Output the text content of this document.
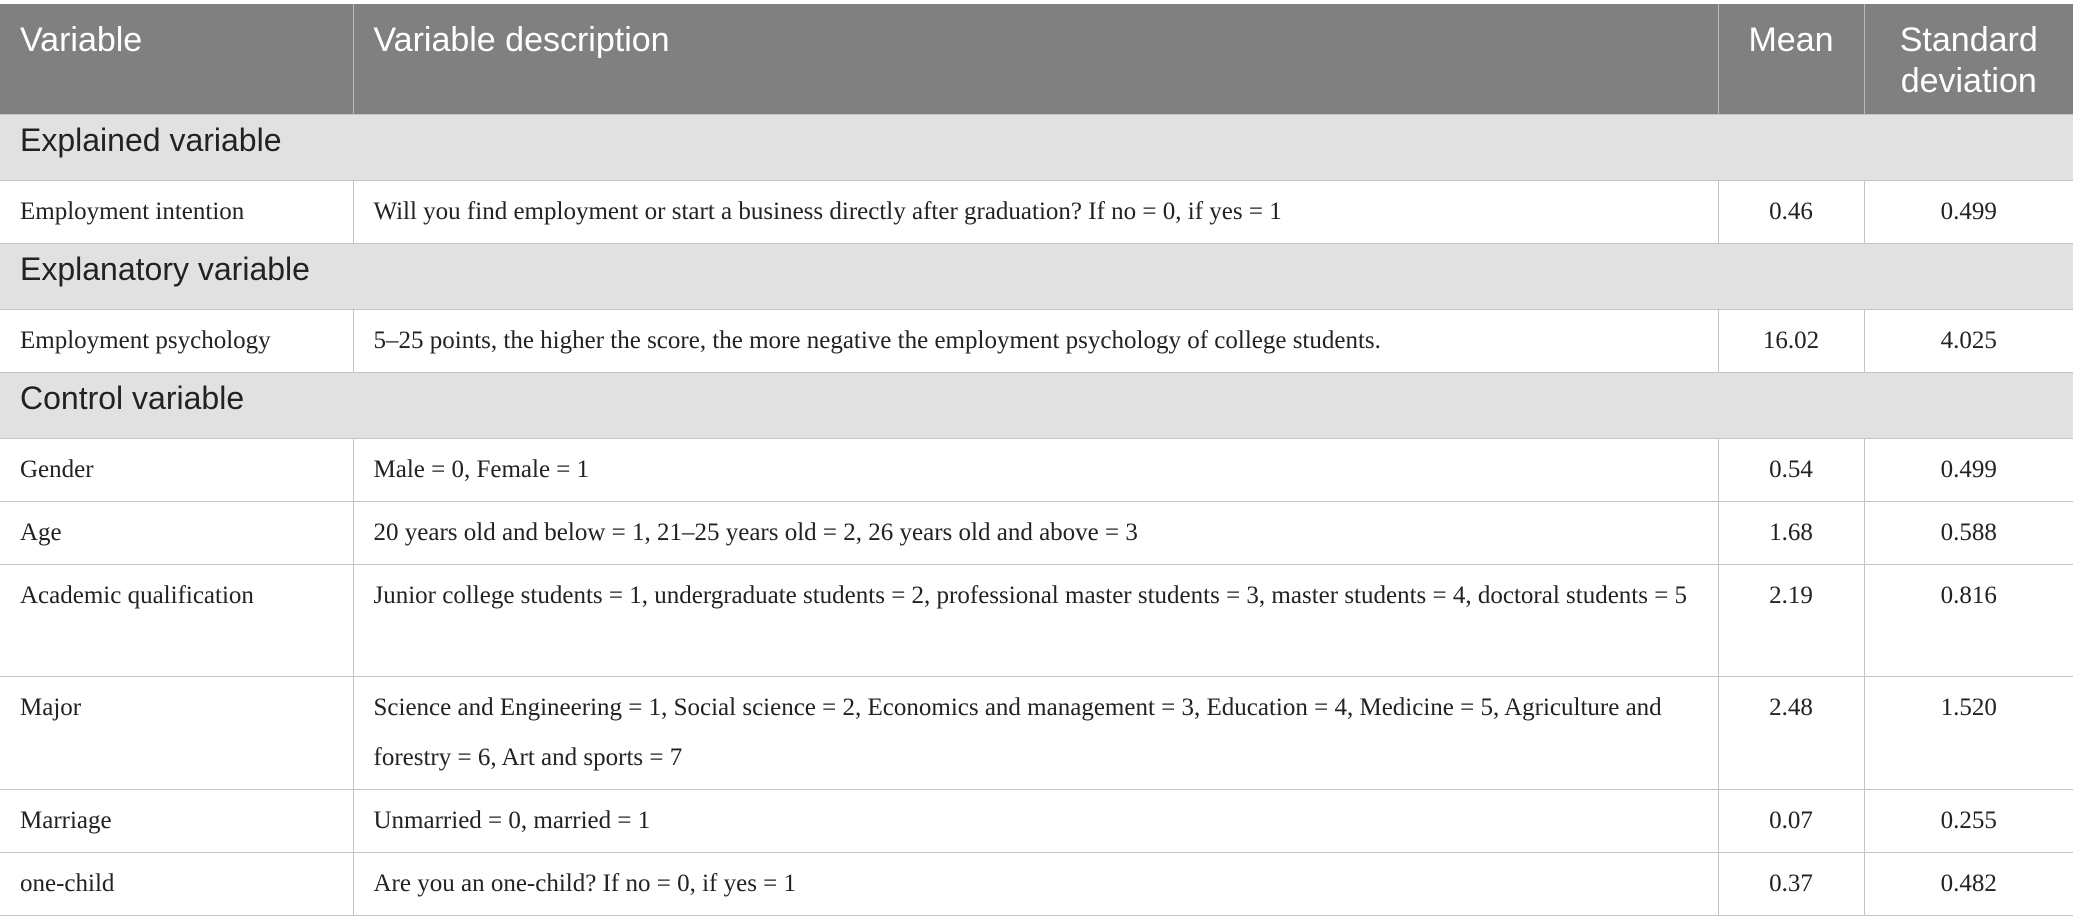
Variable	Variable description	Mean	Standard deviation
Explained variable			
Employment intention	Will you find employment or start a business directly after graduation? If no = 0, if yes = 1	0.46	0.499
Explanatory variable			
Employment psychology	5–25 points, the higher the score, the more negative the employment psychology of college students.	16.02	4.025
Control variable			
Gender	Male = 0, Female = 1	0.54	0.499
Age	20 years old and below = 1, 21–25 years old = 2, 26 years old and above = 3	1.68	0.588
Academic qualification	Junior college students = 1, undergraduate students = 2, professional master students = 3, master students = 4, doctoral students = 5	2.19	0.816
Major	Science and Engineering = 1, Social science = 2, Economics and management = 3, Education = 4, Medicine = 5, Agriculture and forestry = 6, Art and sports = 7	2.48	1.520
Marriage	Unmarried = 0, married = 1	0.07	0.255
one-child	Are you an one-child? If no = 0, if yes = 1	0.37	0.482
